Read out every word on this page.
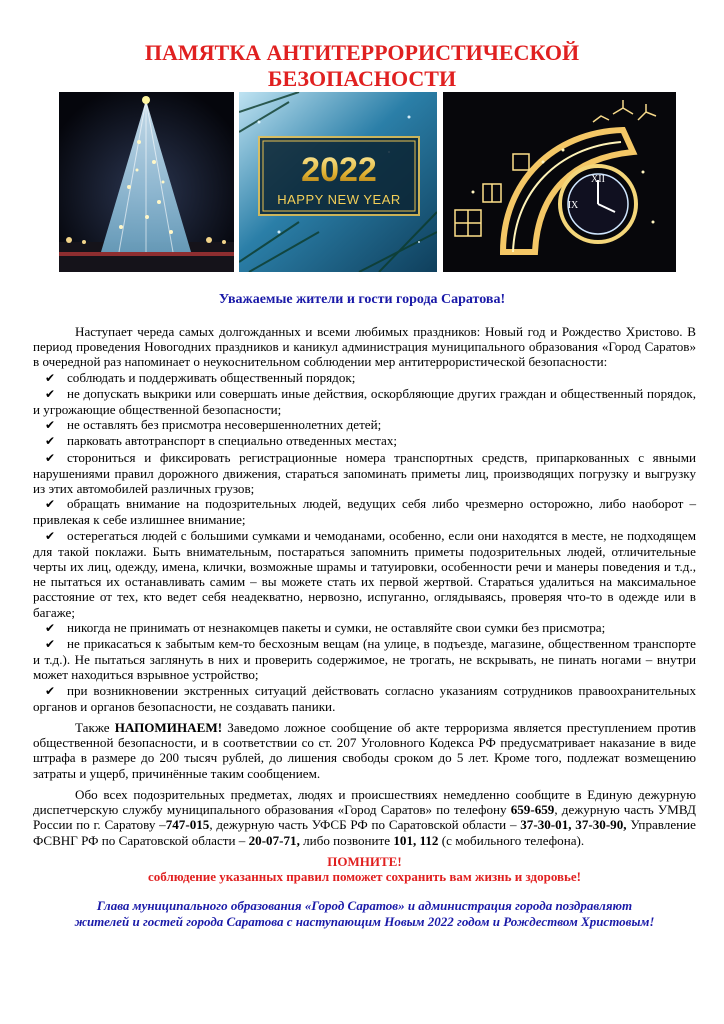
ПАМЯТКА АНТИТЕРРОРИСТИЧЕСКОЙ
БЕЗОПАСНОСТИ
2022
HAPPY NEW YEAR
XII
IX
Уважаемые жители и гости города Саратова!

Наступает череда самых долгожданных и всеми любимых праздников: Новый год и Рождество Христово. В период проведения Новогодних праздников и каникул администрация муниципального образования «Город Саратов» в очередной раз напоминает о неукоснительном соблюдении мер антитеррористической безопасности:

✔ соблюдать и поддерживать общественный порядок;
✔ не допускать выкрики или совершать иные действия, оскорбляющие других граждан и общественный порядок, и угрожающие общественной безопасности;
✔ не оставлять без присмотра несовершеннолетних детей;
✔ парковать автотранспорт в специально отведенных местах;
✔ сторониться и фиксировать регистрационные номера транспортных средств, припаркованных с явными нарушениями правил дорожного движения, стараться запоминать приметы лиц, производящих погрузку и выгрузку из этих автомобилей различных грузов;
✔ обращать внимание на подозрительных людей, ведущих себя либо чрезмерно осторожно, либо наоборот – привлекая к себе излишнее внимание;
✔ остерегаться людей с большими сумками и чемоданами, особенно, если они находятся в месте, не подходящем для такой поклажи. Быть внимательным, постараться запомнить приметы подозрительных людей, отличительные черты их лиц, одежду, имена, клички, возможные шрамы и татуировки, особенности речи и манеры поведения и т.д., не пытаться их останавливать самим – вы можете стать их первой жертвой. Стараться удалиться на максимальное расстояние от тех, кто ведет себя неадекватно, нервозно, испуганно, оглядываясь, проверяя что-то в одежде или в багаже;
✔ никогда не принимать от незнакомцев пакеты и сумки, не оставляйте свои сумки без присмотра;
✔ не прикасаться к забытым кем-то бесхозным вещам (на улице, в подъезде, магазине, общественном транспорте и т.д.). Не пытаться заглянуть в них и проверить содержимое, не трогать, не вскрывать, не пинать ногами – внутри может находиться взрывное устройство;
✔ при возникновении экстренных ситуаций действовать согласно указаниям сотрудников правоохранительных органов и органов безопасности, не создавать паники.

Также НАПОМИНАЕМ! Заведомо ложное сообщение об акте терроризма является преступлением против общественной безопасности, и в соответствии со ст. 207 Уголовного Кодекса РФ предусматривает наказание в виде штрафа в размере до 200 тысяч рублей, до лишения свободы сроком до 5 лет. Кроме того, подлежат возмещению затраты и ущерб, причинённые таким сообщением.

Обо всех подозрительных предметах, людях и происшествиях немедленно сообщите в Единую дежурную диспетчерскую службу муниципального образования «Город Саратов» по телефону 659-659, дежурную часть УМВД России по г. Саратову –747-015, дежурную часть УФСБ РФ по Саратовской области – 37-30-01, 37-30-90, Управление ФСВНГ РФ по Саратовской области – 20-07-71, либо позвоните 101, 112 (с мобильного телефона).

ПОМНИТЕ!
соблюдение указанных правил поможет сохранить вам жизнь и здоровье!
Глава муниципального образования «Город Саратов» и администрация города поздравляют
жителей и гостей города Саратова с наступающим Новым 2022 годом и Рождеством Христовым!
